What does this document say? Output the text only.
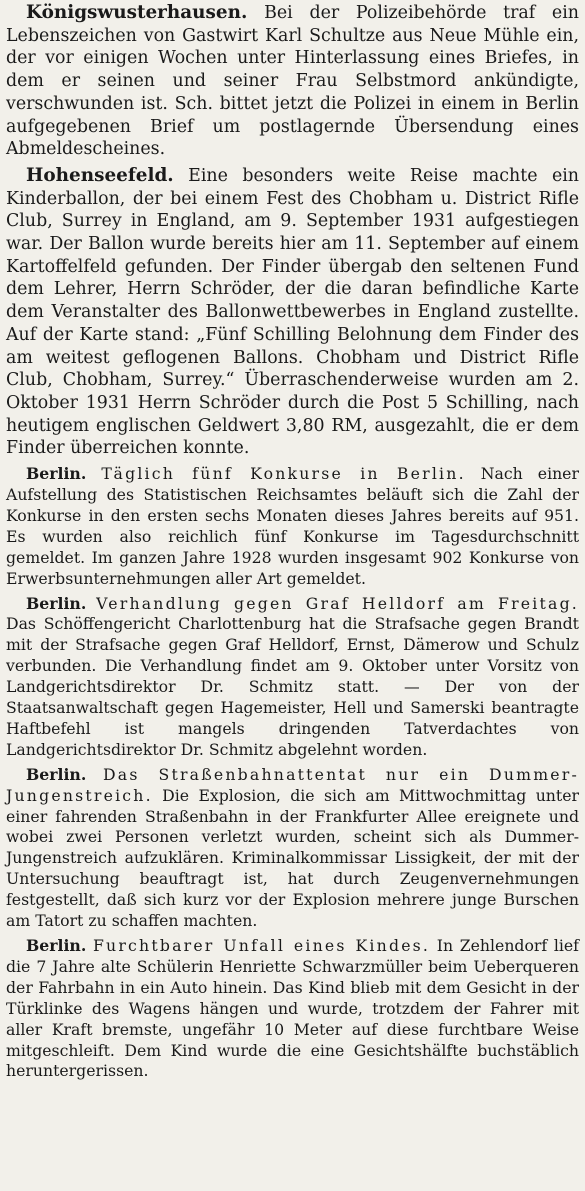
Königswusterhausen. Bei der Polizeibehörde traf ein Lebenszeichen von Gastwirt Karl Schultze aus Neue Mühle ein, der vor einigen Wochen unter Hinterlassung eines Briefes, in dem er seinen und seiner Frau Selbstmord ankündigte, verschwunden ist. Sch. bittet jetzt die Polizei in einem in Berlin aufgegebenen Brief um postlagernde Übersendung eines Abmeldescheines.

Hohenseefeld. Eine besonders weite Reise machte ein Kinderballon, der bei einem Fest des Chobham u. District Rifle Club, Surrey in England, am 9. September 1931 aufgestiegen war. Der Ballon wurde bereits hier am 11. September auf einem Kartoffelfeld gefunden. Der Finder übergab den seltenen Fund dem Lehrer, Herrn Schröder, der die daran befindliche Karte dem Veranstalter des Ballonwettbewerbes in England zustellte. Auf der Karte stand: „Fünf Schilling Belohnung dem Finder des am weitest geflogenen Ballons. Chobham und District Rifle Club, Chobham, Surrey.“ Überraschenderweise wurden am 2. Oktober 1931 Herrn Schröder durch die Post 5 Schilling, nach heutigem englischen Geldwert 3,80 RM, ausgezahlt, die er dem Finder überreichen konnte.

Berlin. Täglich fünf Konkurse in Berlin. Nach einer Aufstellung des Statistischen Reichsamtes beläuft sich die Zahl der Konkurse in den ersten sechs Monaten dieses Jahres bereits auf 951. Es wurden also reichlich fünf Konkurse im Tagesdurchschnitt gemeldet. Im ganzen Jahre 1928 wurden insgesamt 902 Konkurse von Erwerbsunternehmungen aller Art gemeldet.

Berlin. Verhandlung gegen Graf Helldorf am Freitag. Das Schöffengericht Charlottenburg hat die Strafsache gegen Brandt mit der Strafsache gegen Graf Helldorf, Ernst, Dämerow und Schulz verbunden. Die Verhandlung findet am 9. Oktober unter Vorsitz von Landgerichtsdirektor Dr. Schmitz statt. — Der von der Staatsanwaltschaft gegen Hagemeister, Hell und Samerski beantragte Haftbefehl ist mangels dringenden Tatverdachtes von Landgerichtsdirektor Dr. Schmitz abgelehnt worden.

Berlin. Das Straßenbahnattentat nur ein Dummer-Jungenstreich. Die Explosion, die sich am Mittwochmittag unter einer fahrenden Straßenbahn in der Frankfurter Allee ereignete und wobei zwei Personen verletzt wurden, scheint sich als Dummer-Jungenstreich aufzuklären. Kriminalkommissar Lissigkeit, der mit der Untersuchung beauftragt ist, hat durch Zeugenvernehmungen festgestellt, daß sich kurz vor der Explosion mehrere junge Burschen am Tatort zu schaffen machten.

Berlin. Furchtbarer Unfall eines Kindes. In Zehlendorf lief die 7 Jahre alte Schülerin Henriette Schwarzmüller beim Ueberqueren der Fahrbahn in ein Auto hinein. Das Kind blieb mit dem Gesicht in der Türklinke des Wagens hängen und wurde, trotzdem der Fahrer mit aller Kraft bremste, ungefähr 10 Meter auf diese furchtbare Weise mitgeschleift. Dem Kind wurde die eine Gesichtshälfte buchstäblich heruntergerissen.
